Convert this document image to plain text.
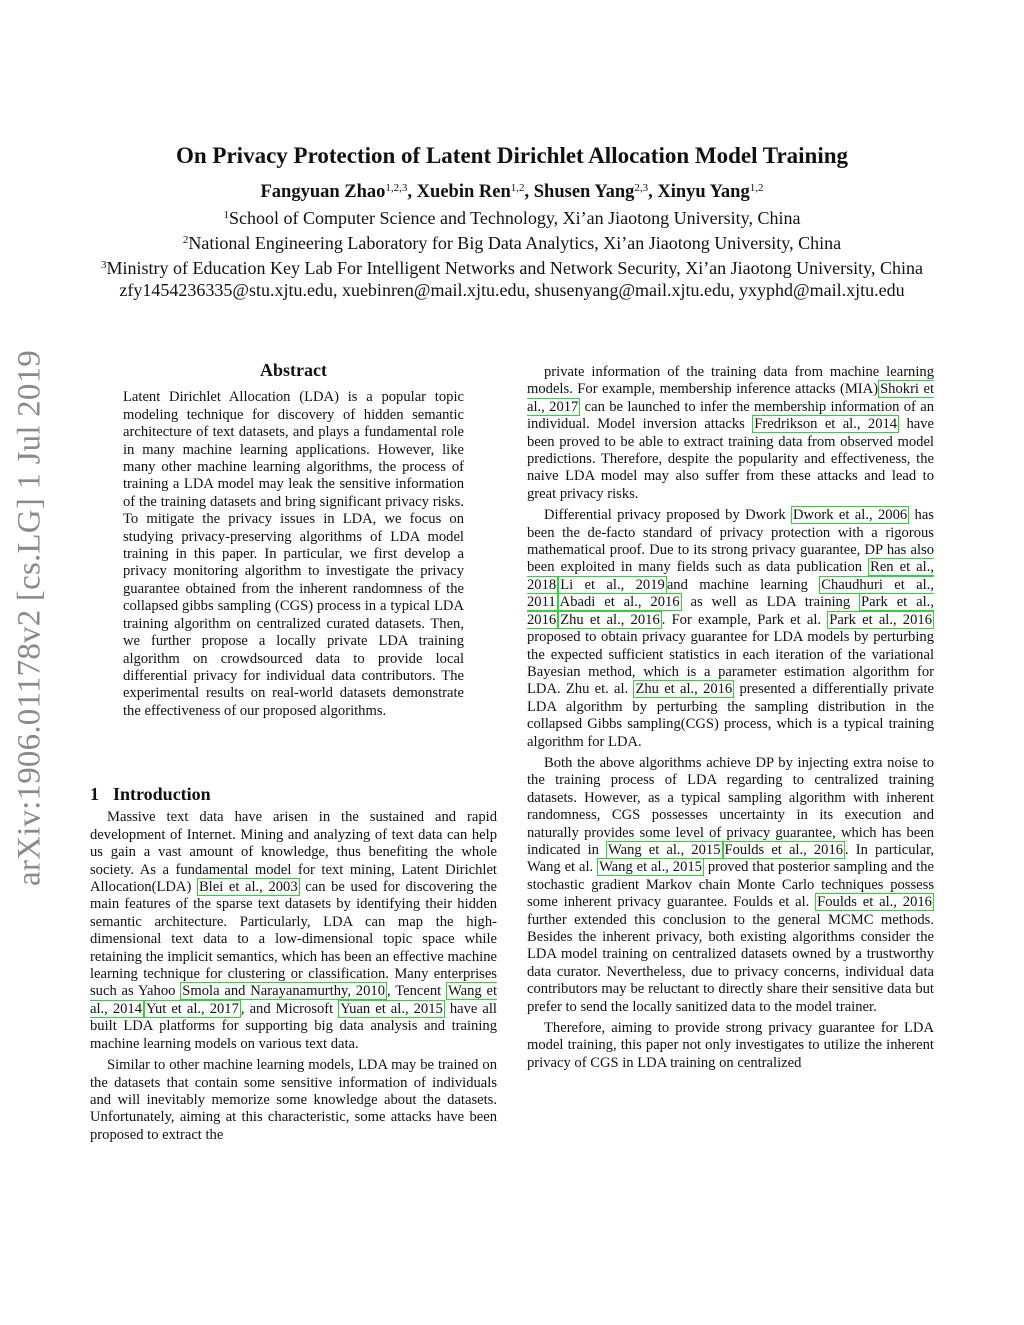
arXiv:1906.01178v2 [cs.LG] 1 Jul 2019
On Privacy Protection of Latent Dirichlet Allocation Model Training
Fangyuan Zhao$^{1,2,3}$, Xuebin Ren$^{1,2}$, Shusen Yang$^{2,3}$, Xinyu Yang$^{1,2}$
$^1$School of Computer Science and Technology, Xi’an Jiaotong University, China
$^2$National Engineering Laboratory for Big Data Analytics, Xi’an Jiaotong University, China
$^3$Ministry of Education Key Lab For Intelligent Networks and Network Security, Xi’an Jiaotong University, China
zfy1454236335@stu.xjtu.edu, xuebinren@mail.xjtu.edu, shusenyang@mail.xjtu.edu, yxyphd@mail.xjtu.edu
Abstract

Latent Dirichlet Allocation (LDA) is a popular topic modeling technique for discovery of hidden semantic architecture of text datasets, and plays a fundamental role in many machine learning applications. However, like many other machine learning algorithms, the process of training a LDA model may leak the sensitive information of the training datasets and bring significant privacy risks. To mitigate the privacy issues in LDA, we focus on studying privacy-preserving algorithms of LDA model training in this paper. In particular, we first develop a privacy monitoring algorithm to investigate the privacy guarantee obtained from the inherent randomness of the collapsed gibbs sampling (CGS) process in a typical LDA training algorithm on centralized curated datasets. Then, we further propose a locally private LDA training algorithm on crowdsourced data to provide local differential privacy for individual data contributors. The experimental results on real-world datasets demonstrate the effectiveness of our proposed algorithms.

1 Introduction

Massive text data have arisen in the sustained and rapid development of Internet. Mining and analyzing of text data can help us gain a vast amount of knowledge, thus benefiting the whole society. As a fundamental model for text mining, Latent Dirichlet Allocation(LDA) Blei et al., 2003 can be used for discovering the main features of the sparse text datasets by identifying their hidden semantic architecture. Particularly, LDA can map the high-dimensional text data to a low-dimensional topic space while retaining the implicit semantics, which has been an effective machine learning technique for clustering or classification. Many enterprises such as Yahoo Smola and Narayanamurthy, 2010 , Tencent Wang et al., 2014 Yut et al., 2017 , and Microsoft Yuan et al., 2015 have all built LDA platforms for supporting big data analysis and training machine learning models on various text data.

Similar to other machine learning models, LDA may be trained on the datasets that contain some sensitive information of individuals and will inevitably memorize some knowledge about the datasets. Unfortunately, aiming at this characteristic, some attacks have been proposed to extract the

private information of the training data from machine learning models. For example, membership inference attacks (MIA) Shokri et al., 2017 can be launched to infer the membership information of an individual. Model inversion attacks Fredrikson et al., 2014 have been proved to be able to extract training data from observed model predictions. Therefore, despite the popularity and effectiveness, the naive LDA model may also suffer from these attacks and lead to great privacy risks.

Differential privacy proposed by Dwork Dwork et al., 2006 has been the de-facto standard of privacy protection with a rigorous mathematical proof. Due to its strong privacy guarantee, DP has also been exploited in many fields such as data publication Ren et al., 2018 Li et al., 2019 and machine learning Chaudhuri et al., 2011 Abadi et al., 2016 as well as LDA training Park et al., 2016 Zhu et al., 2016 . For example, Park et al. Park et al., 2016 proposed to obtain privacy guarantee for LDA models by perturbing the expected sufficient statistics in each iteration of the variational Bayesian method, which is a parameter estimation algorithm for LDA. Zhu et. al. Zhu et al., 2016 presented a differentially private LDA algorithm by perturbing the sampling distribution in the collapsed Gibbs sampling(CGS) process, which is a typical training algorithm for LDA.

Both the above algorithms achieve DP by injecting extra noise to the training process of LDA regarding to centralized training datasets. However, as a typical sampling algorithm with inherent randomness, CGS possesses uncertainty in its execution and naturally provides some level of privacy guarantee, which has been indicated in Wang et al., 2015 Foulds et al., 2016 . In particular, Wang et al. Wang et al., 2015 proved that posterior sampling and the stochastic gradient Markov chain Monte Carlo techniques possess some inherent privacy guarantee. Foulds et al. Foulds et al., 2016 further extended this conclusion to the general MCMC methods. Besides the inherent privacy, both existing algorithms consider the LDA model training on centralized datasets owned by a trustworthy data curator. Nevertheless, due to privacy concerns, individual data contributors may be reluctant to directly share their sensitive data but prefer to send the locally sanitized data to the model trainer.

Therefore, aiming to provide strong privacy guarantee for LDA model training, this paper not only investigates to utilize the inherent privacy of CGS in LDA training on centralized
